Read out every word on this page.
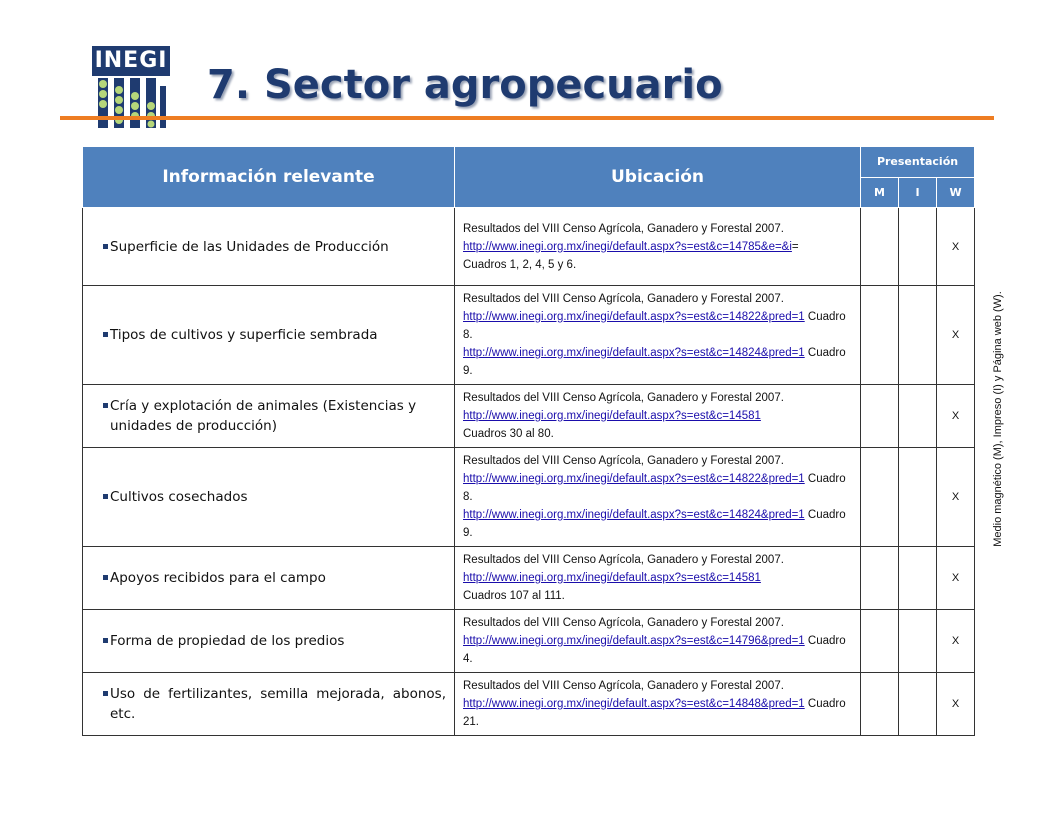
INEGI
7. Sector agropecuario
Información relevante	Ubicación	Presentación		
		M	I	W

Superficie de las Unidades de Producción	Resultados del VIII Censo Agrícola, Ganadero y Forestal 2007.
http://www.inegi.org.mx/inegi/default.aspx?s=est&c=14785&e=&i=
Cuadros 1, 2, 4, 5 y 6.			X

Tipos de cultivos y superficie sembrada	Resultados del VIII Censo Agrícola, Ganadero y Forestal 2007.
http://www.inegi.org.mx/inegi/default.aspx?s=est&c=14822&pred=1 Cuadro 8.
http://www.inegi.org.mx/inegi/default.aspx?s=est&c=14824&pred=1 Cuadro 9.			X

Cría y explotación de animales (Existencias y unidades de producción)	Resultados del VIII Censo Agrícola, Ganadero y Forestal 2007.
http://www.inegi.org.mx/inegi/default.aspx?s=est&c=14581
Cuadros 30 al 80.			X

Cultivos cosechados	Resultados del VIII Censo Agrícola, Ganadero y Forestal 2007.
http://www.inegi.org.mx/inegi/default.aspx?s=est&c=14822&pred=1 Cuadro 8.
http://www.inegi.org.mx/inegi/default.aspx?s=est&c=14824&pred=1 Cuadro 9.			X

Apoyos recibidos para el campo	Resultados del VIII Censo Agrícola, Ganadero y Forestal 2007.
http://www.inegi.org.mx/inegi/default.aspx?s=est&c=14581
Cuadros 107 al 111.			X

Forma de propiedad de los predios	Resultados del VIII Censo Agrícola, Ganadero y Forestal 2007.
http://www.inegi.org.mx/inegi/default.aspx?s=est&c=14796&pred=1 Cuadro 4.			X

Uso de fertilizantes, semilla mejorada, abonos, etc.	Resultados del VIII Censo Agrícola, Ganadero y Forestal 2007.
http://www.inegi.org.mx/inegi/default.aspx?s=est&c=14848&pred=1 Cuadro 21.			X
Medio magnético (M), Impreso (I) y Página web (W).
